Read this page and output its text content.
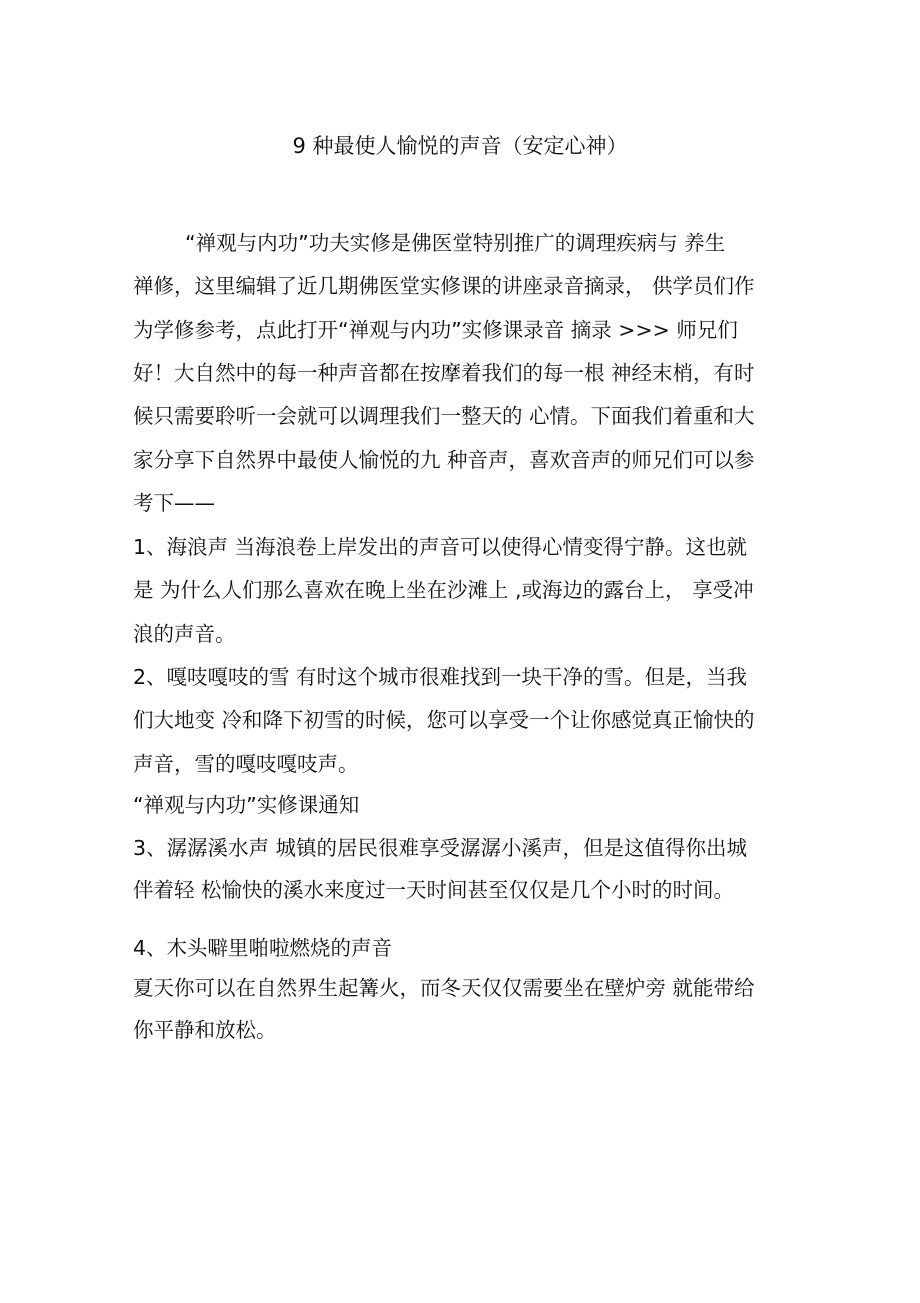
9 种最使人愉悦的声音（安定心神）
“禅观与内功”功夫实修是佛医堂特别推广的调理疾病与 养生
禅修，这里编辑了近几期佛医堂实修课的讲座录音摘录， 供学员们作
为学修参考，点此打开“禅观与内功”实修课录音 摘录 >>> 师兄们
好！大自然中的每一种声音都在按摩着我们的每一根 神经末梢，有时
候只需要聆听一会就可以调理我们一整天的 心情。下面我们着重和大
家分享下自然界中最使人愉悦的九 种音声，喜欢音声的师兄们可以参
考下——
1、海浪声 当海浪卷上岸发出的声音可以使得心情变得宁静。这也就
是 为什么人们那么喜欢在晚上坐在沙滩上 ,或海边的露台上， 享受冲
浪的声音。
2、嘎吱嘎吱的雪 有时这个城市很难找到一块干净的雪。但是，当我
们大地变 冷和降下初雪的时候，您可以享受一个让你感觉真正愉快的
声音，雪的嘎吱嘎吱声。
“禅观与内功”实修课通知
3、潺潺溪水声 城镇的居民很难享受潺潺小溪声，但是这值得你出城
伴着轻 松愉快的溪水来度过一天时间甚至仅仅是几个小时的时间。
4、木头噼里啪啦燃烧的声音
夏天你可以在自然界生起篝火，而冬天仅仅需要坐在壁炉旁 就能带给
你平静和放松。
